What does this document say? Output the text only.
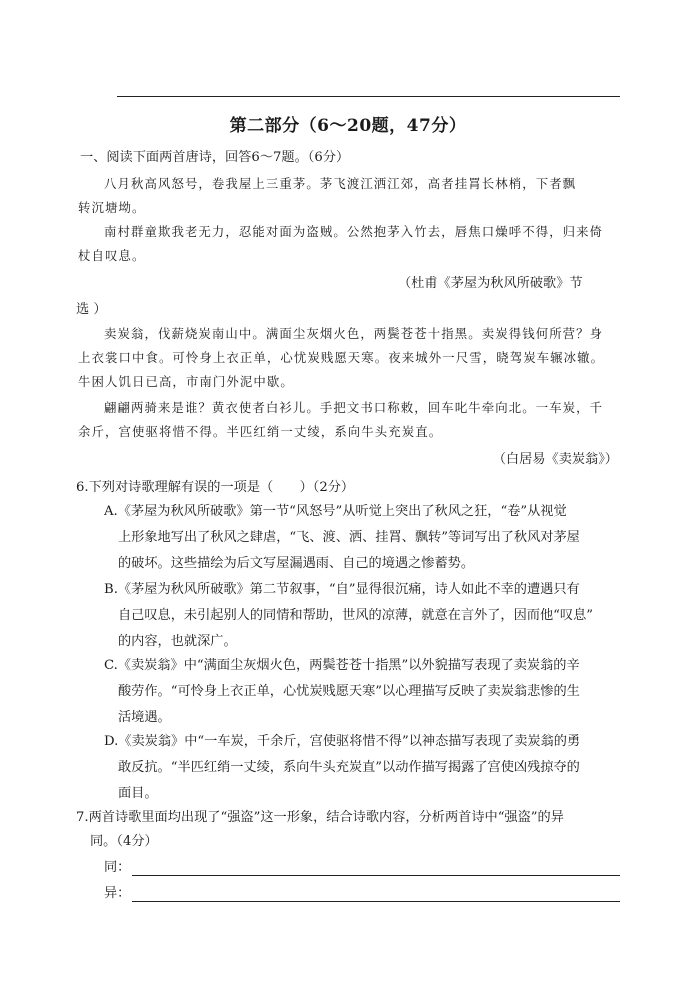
第二部分（6～20题，47分）
一、阅读下面两首唐诗，回答6～7题。（6分）
八月秋高风怒号，卷我屋上三重茅。茅飞渡江洒江郊，高者挂罥长林梢，下者飘
转沉塘坳。
南村群童欺我老无力，忍能对面为盗贼。公然抱茅入竹去，唇焦口燥呼不得，归来倚
杖自叹息。
（杜甫《茅屋为秋风所破歌》节
选 ）
卖炭翁，伐薪烧炭南山中。满面尘灰烟火色，两鬓苍苍十指黑。卖炭得钱何所营？身
上衣裳口中食。可怜身上衣正单，心忧炭贱愿天寒。夜来城外一尺雪，晓驾炭车辗冰辙。
牛困人饥日已高，市南门外泥中歇。
翩翩两骑来是谁？黄衣使者白衫儿。手把文书口称敕，回车叱牛牵向北。一车炭，千
余斤，宫使驱将惜不得。半匹红绡一丈绫，系向牛头充炭直。
（白居易《卖炭翁》）
6.下列对诗歌理解有误的一项是（　　）（2分）
A.《茅屋为秋风所破歌》第一节“风怒号”从听觉上突出了秋风之狂，“卷”从视觉
上形象地写出了秋风之肆虐，“飞、渡、洒、挂罥、飘转”等词写出了秋风对茅屋
的破坏。这些描绘为后文写屋漏遇雨、自己的境遇之惨蓄势。
B.《茅屋为秋风所破歌》第二节叙事，“自”显得很沉痛，诗人如此不幸的遭遇只有
自己叹息，未引起别人的同情和帮助，世风的凉薄，就意在言外了，因而他“叹息”
的内容，也就深广。
C.《卖炭翁》中“满面尘灰烟火色，两鬓苍苍十指黑”以外貌描写表现了卖炭翁的辛
酸劳作。“可怜身上衣正单，心忧炭贱愿天寒”以心理描写反映了卖炭翁悲惨的生
活境遇。
D.《卖炭翁》中“一车炭，千余斤，宫使驱将惜不得”以神态描写表现了卖炭翁的勇
敢反抗。“半匹红绡一丈绫，系向牛头充炭直”以动作描写揭露了宫使凶残掠夺的
面目。
7.两首诗歌里面均出现了“强盗”这一形象，结合诗歌内容，分析两首诗中“强盗”的异
同。（4分）
同：
异：
